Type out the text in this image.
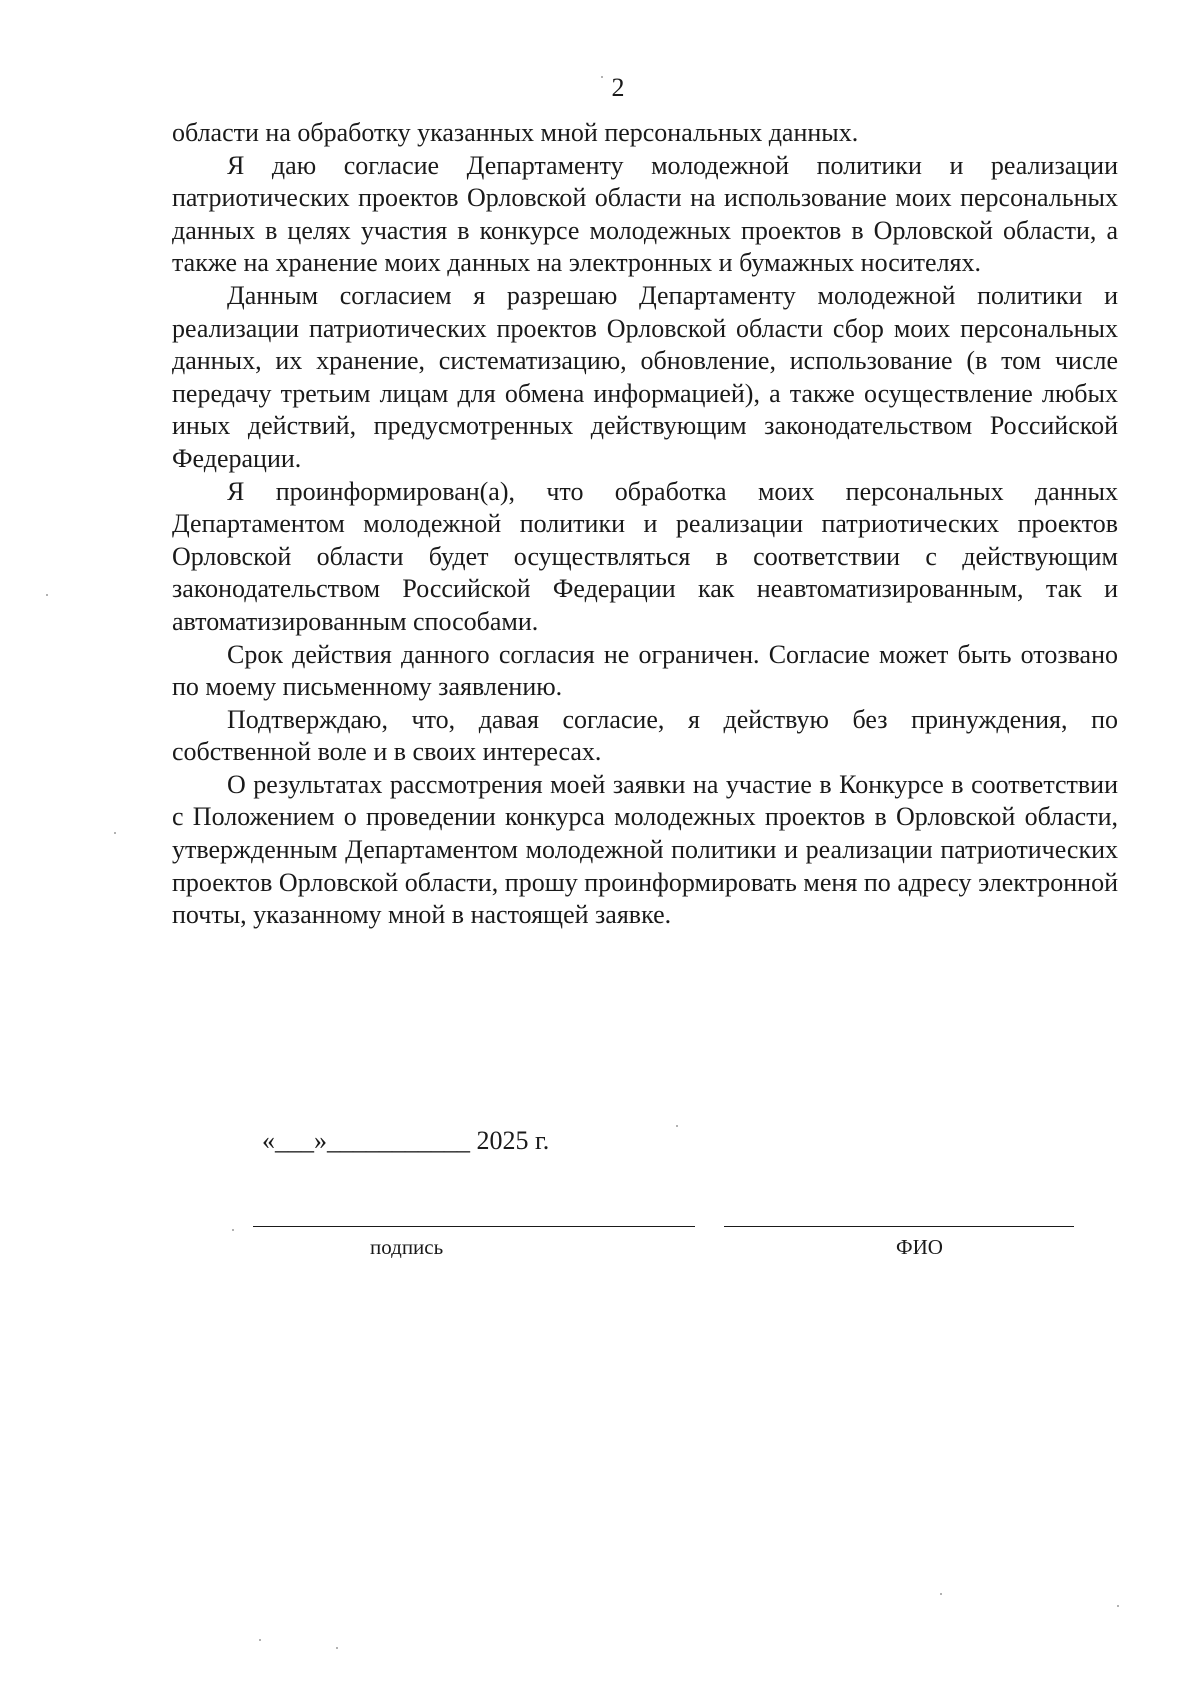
2

области на обработку указанных мной персональных данных.

Я даю согласие Департаменту молодежной политики и реализации патриотических проектов Орловской области на использование моих персональных данных в целях участия в конкурсе молодежных проектов в Орловской области, а также на хранение моих данных на электронных и бумажных носителях.

Данным согласием я разрешаю Департаменту молодежной политики и реализации патриотических проектов Орловской области сбор моих персональных данных, их хранение, систематизацию, обновление, использование (в том числе передачу третьим лицам для обмена информацией), а также осуществление любых иных действий, предусмотренных действующим законодательством Российской Федерации.

Я проинформирован(а), что обработка моих персональных данных Департаментом молодежной политики и реализации патриотических проектов Орловской области будет осуществляться в соответствии с действующим законодательством Российской Федерации как неавтоматизированным, так и автоматизированным способами.

Срок действия данного согласия не ограничен. Согласие может быть отозвано по моему письменному заявлению.

Подтверждаю, что, давая согласие, я действую без принуждения, по собственной воле и в своих интересах.

О результатах рассмотрения моей заявки на участие в Конкурсе в соответствии с Положением о проведении конкурса молодежных проектов в Орловской области, утвержденным Департаментом молодежной политики и реализации патриотических проектов Орловской области, прошу проинформировать меня по адресу электронной почты, указанному мной в настоящей заявке.

«___»___________ 2025 г.
подпись	ФИО
